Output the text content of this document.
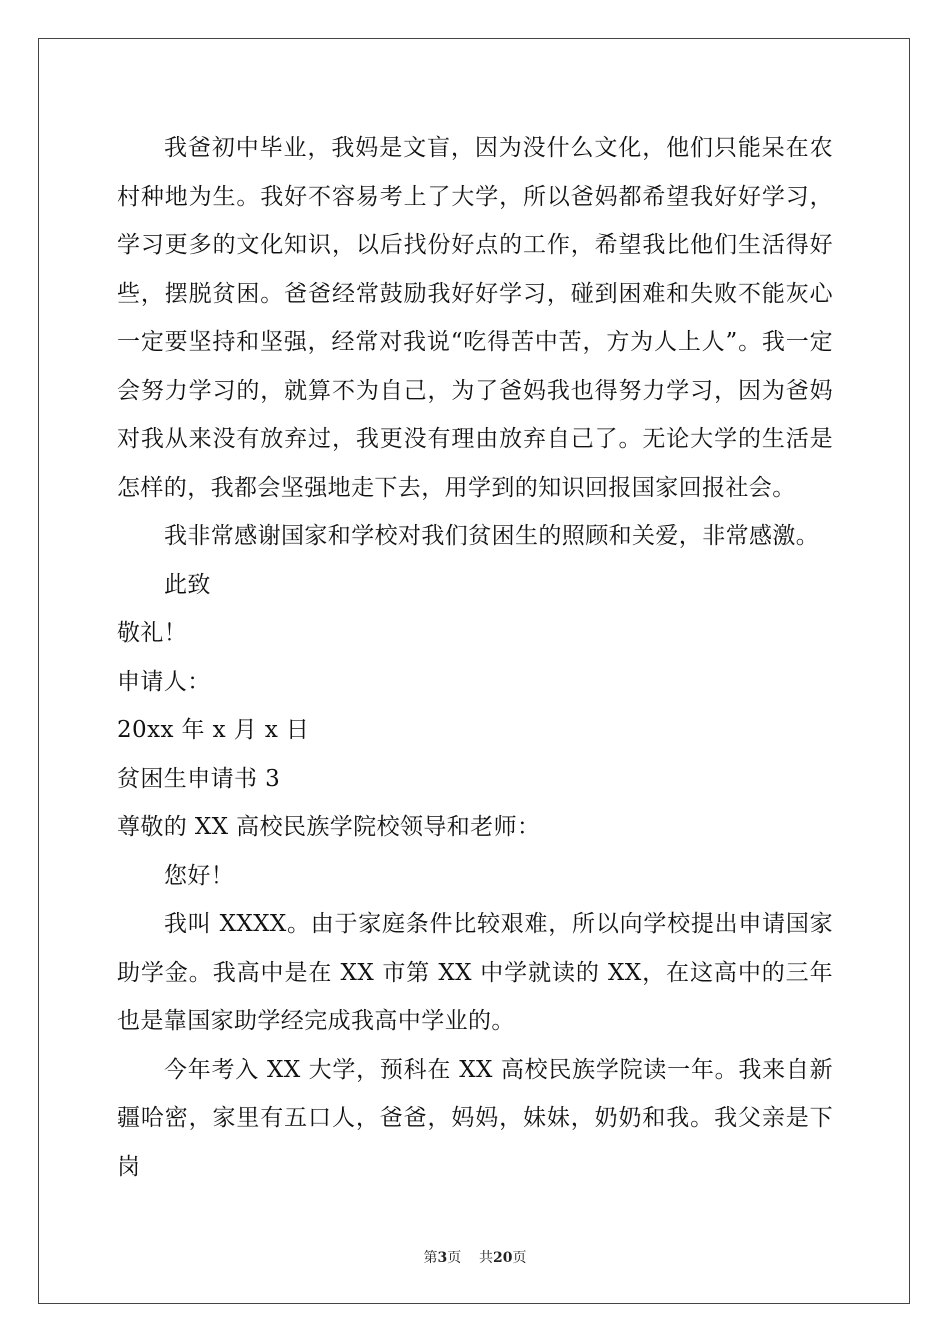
我爸初中毕业，我妈是文盲，因为没什么文化，他们只能呆在农村种地为生。我好不容易考上了大学，所以爸妈都希望我好好学习，学习更多的文化知识，以后找份好点的工作，希望我比他们生活得好些，摆脱贫困。爸爸经常鼓励我好好学习，碰到困难和失败不能灰心一定要坚持和坚强，经常对我说“吃得苦中苦，方为人上人”。我一定会努力学习的，就算不为自己，为了爸妈我也得努力学习，因为爸妈对我从来没有放弃过，我更没有理由放弃自己了。无论大学的生活是怎样的，我都会坚强地走下去，用学到的知识回报国家回报社会。

我非常感谢国家和学校对我们贫困生的照顾和关爱，非常感激。

此致

敬礼！

申请人：

20xx 年 x 月 x 日

贫困生申请书 3

尊敬的 XX 高校民族学院校领导和老师：

您好！

我叫 XXXX。由于家庭条件比较艰难，所以向学校提出申请国家助学金。我高中是在 XX 市第 XX 中学就读的 XX，在这高中的三年也是靠国家助学经完成我高中学业的。

今年考入 XX 大学，预科在 XX 高校民族学院读一年。我来自新疆哈密，家里有五口人，爸爸，妈妈，妹妹，奶奶和我。我父亲是下岗

第3页    共20页
